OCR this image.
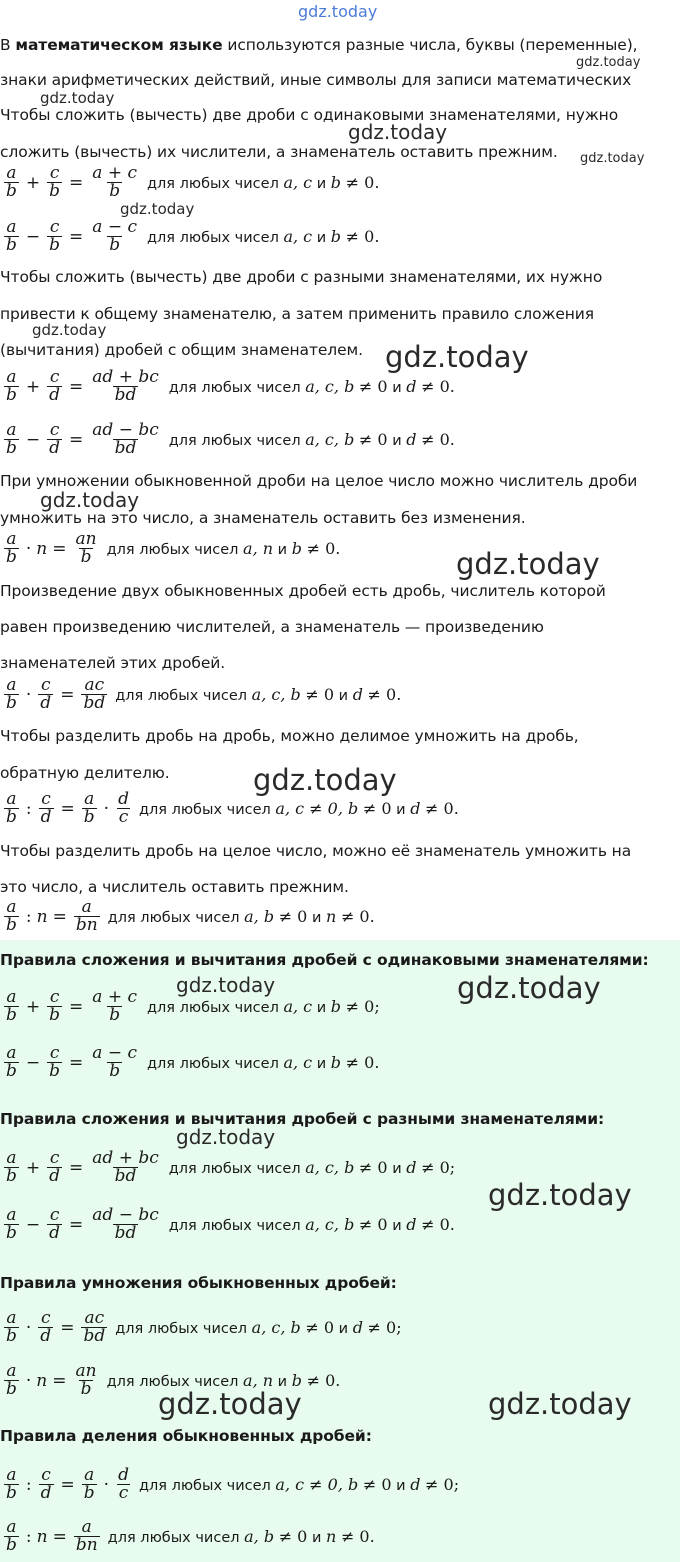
gdz.today
В математическом языке используются разные числа, буквы (переменные),
знаки арифметических действий, иные символы для записи математических
Чтобы сложить (вычесть) две дроби с одинаковыми знаменателями, нужно
сложить (вычесть) их числители, а знаменатель оставить прежним.
a
$b + \frac{c}{b} = \frac{a + c}{b}$ для любых чисел a, c и b ≠ 0.
a
$b - \frac{c}{b} = \frac{a - c}{b}$ для любых чисел a, c и b ≠ 0.
Чтобы сложить (вычесть) две дроби с разными знаменателями, их нужно
привести к общему знаменателю, а затем применить правило сложения
(вычитания) дробей с общим знаменателем.
a
$b + \frac{c}{d} = \frac{ad + bc}{bd}$ для любых чисел a, c, b ≠ 0 и d ≠ 0.
a
$b - \frac{c}{d} = \frac{ad - bc}{bd}$ для любых чисел a, c, b ≠ 0 и d ≠ 0.
При умножении обыкновенной дроби на целое число можно числитель дроби
умножить на это число, а знаменатель оставить без изменения.
a
$b \cdot n = \frac{an}{b}$ для любых чисел a, n и b ≠ 0.
Произведение двух обыкновенных дробей есть дробь, числитель которой
равен произведению числителей, а знаменатель — произведению
знаменателей этих дробей.
a
$b \cdot \frac{c}{d} = \frac{ac}{bd}$ для любых чисел a, c, b ≠ 0 и d ≠ 0.
Чтобы разделить дробь на дробь, можно делимое умножить на дробь,
обратную делителю.
a
b : $\frac{c}{d} = \frac{a}{b} \cdot d$
c для любых чисел a, c ≠ 0, b ≠ 0 и d ≠ 0.
Чтобы разделить дробь на целое число, можно её знаменатель умножить на
это число, а числитель оставить прежним.
a
b : $n = \frac{a}{bn}$ для любых чисел a, b ≠ 0 и n ≠ 0.
Правила сложения и вычитания дробей с одинаковыми знаменателями:
a
$b + \frac{c}{b} = \frac{a + c}{b}$ для любых чисел a, c и b ≠ 0;
a
$b - \frac{c}{b} = \frac{a - c}{b}$ для любых чисел a, c и b ≠ 0.
Правила сложения и вычитания дробей с разными знаменателями:
a
$b + \frac{c}{d} = \frac{ad + bc}{bd}$ для любых чисел a, c, b ≠ 0 и d ≠ 0;
a
$b - \frac{c}{d} = \frac{ad - bc}{bd}$ для любых чисел a, c, b ≠ 0 и d ≠ 0.
Правила умножения обыкновенных дробей:
a
$b \cdot \frac{c}{d} = \frac{ac}{bd}$ для любых чисел a, c, b ≠ 0 и d ≠ 0;
a
$b \cdot n = \frac{an}{b}$ для любых чисел a, n и b ≠ 0.
Правила деления обыкновенных дробей:
a
b : $\frac{c}{d} = \frac{a}{b} \cdot d$
c для любых чисел a, c ≠ 0, b ≠ 0 и d ≠ 0;
a
b : $n = \frac{a}{bn}$ для любых чисел a, b ≠ 0 и n ≠ 0.
gdz.today
gdz.today
gdz.today
gdz.today
gdz.today
gdz.today
gdz.today
gdz.today
gdz.today
gdz.today
gdz.today	gdz.today
gdz.today
gdz.today
gdz.today	gdz.today
